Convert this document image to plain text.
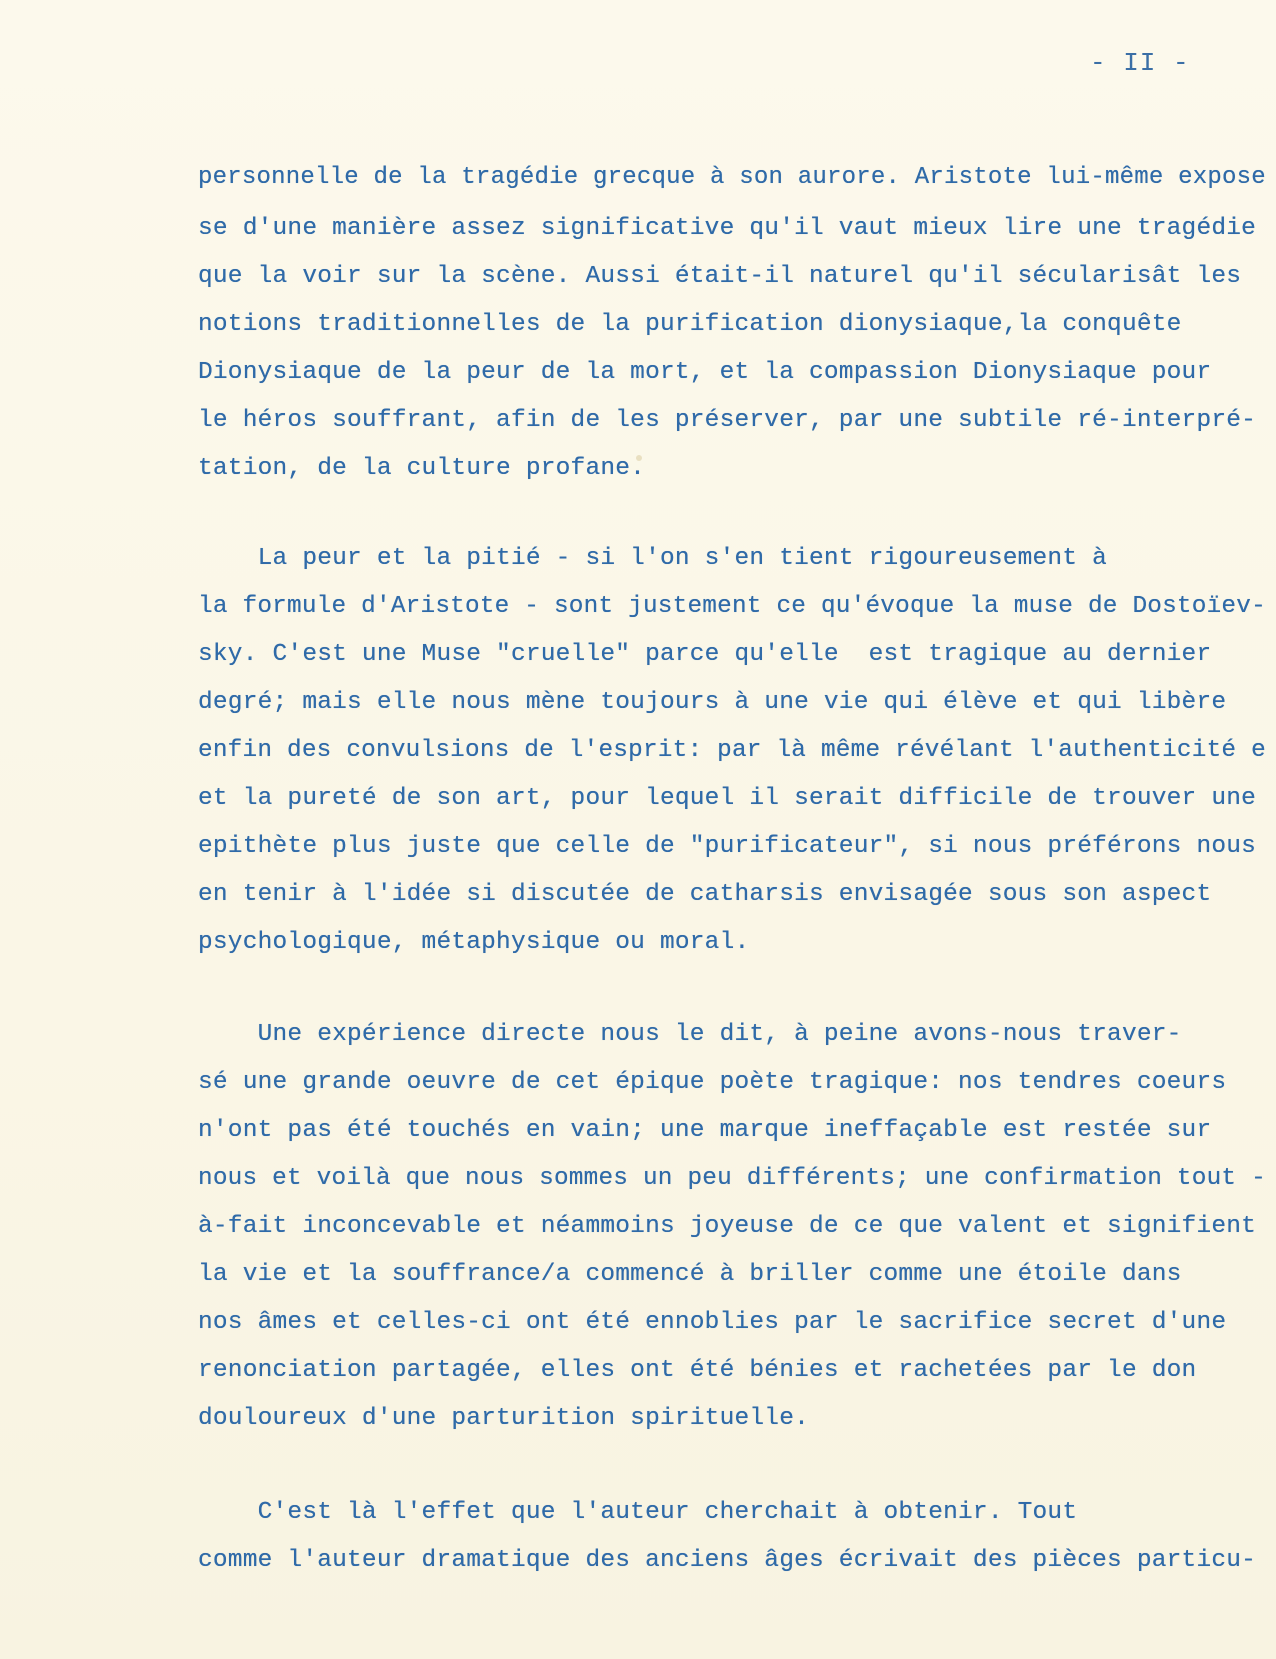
- II -
personnelle de la tragédie grecque à son aurore. Aristote lui-même expose
se d'une manière assez significative qu'il vaut mieux lire une tragédie
que la voir sur la scène. Aussi était-il naturel qu'il sécularisât les
notions traditionnelles de la purification dionysiaque,la conquête
Dionysiaque de la peur de la mort, et la compassion Dionysiaque pour
le héros souffrant, afin de les préserver, par une subtile ré-interpré-
tation, de la culture profane.
La peur et la pitié - si l'on s'en tient rigoureusement à
la formule d'Aristote - sont justement ce qu'évoque la muse de Dostoïev-
sky. C'est une Muse "cruelle" parce qu'elle  est tragique au dernier
degré; mais elle nous mène toujours à une vie qui élève et qui libère
enfin des convulsions de l'esprit: par là même révélant l'authenticité e
et la pureté de son art, pour lequel il serait difficile de trouver une
epithète plus juste que celle de "purificateur", si nous préférons nous
en tenir à l'idée si discutée de catharsis envisagée sous son aspect
psychologique, métaphysique ou moral.
Une expérience directe nous le dit, à peine avons-nous traver-
sé une grande oeuvre de cet épique poète tragique: nos tendres coeurs
n'ont pas été touchés en vain; une marque ineffaçable est restée sur
nous et voilà que nous sommes un peu différents; une confirmation tout -
à-fait inconcevable et néammoins joyeuse de ce que valent et signifient
la vie et la souffrance/a commencé à briller comme une étoile dans
nos âmes et celles-ci ont été ennoblies par le sacrifice secret d'une
renonciation partagée, elles ont été bénies et rachetées par le don
douloureux d'une parturition spirituelle.
C'est là l'effet que l'auteur cherchait à obtenir. Tout
comme l'auteur dramatique des anciens âges écrivait des pièces particu-
